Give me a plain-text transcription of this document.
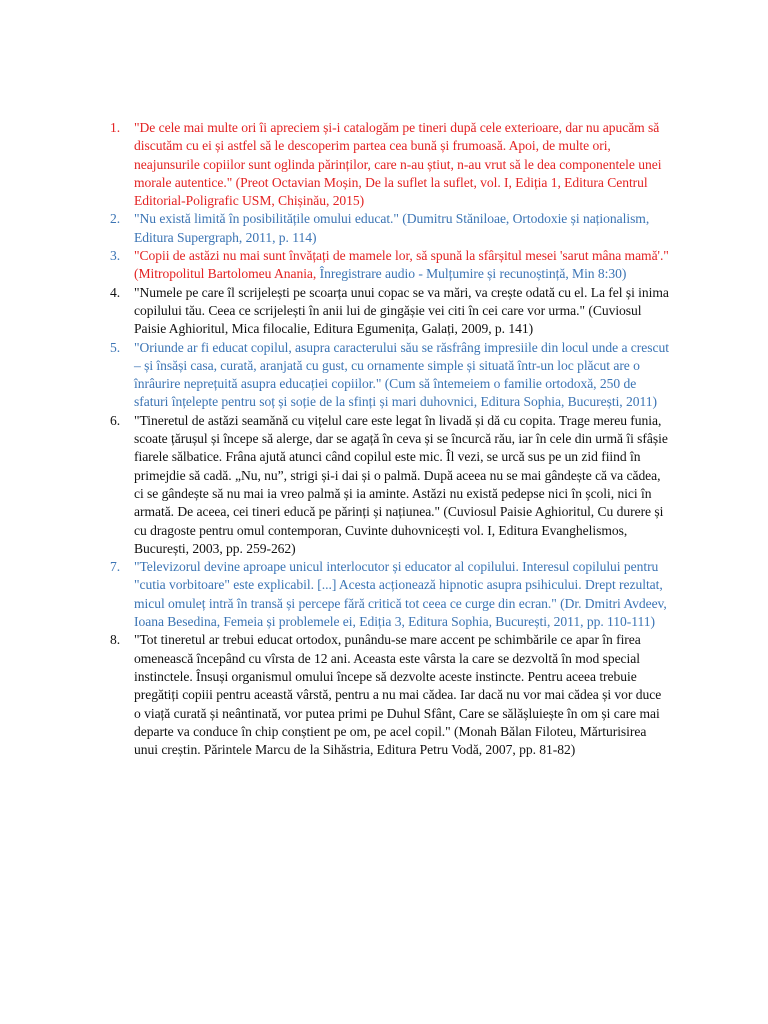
1. "De cele mai multe ori îi apreciem și-i catalogăm pe tineri după cele exterioare, dar nu apucăm să discutăm cu ei și astfel să le descoperim partea cea bună și frumoasă. Apoi, de multe ori, neajunsurile copiilor sunt oglinda părinților, care n-au știut, n-au vrut să le dea componentele unei morale autentice." (Preot Octavian Moșin, De la suflet la suflet, vol. I, Ediția 1, Editura Centrul Editorial-Poligrafic USM, Chișinău, 2015)
2. "Nu există limită în posibilitățile omului educat." (Dumitru Stăniloae, Ortodoxie și naționalism, Editura Supergraph, 2011, p. 114)
3. "Copii de astăzi nu mai sunt învățați de mamele lor, să spună la sfârșitul mesei 'sarut mâna mamă'." (Mitropolitul Bartolomeu Anania, Înregistrare audio - Mulțumire și recunoștință, Min 8:30)
4. "Numele pe care îl scrijelești pe scoarța unui copac se va mări, va crește odată cu el. La fel și inima copilului tău. Ceea ce scrijelești în anii lui de gingășie vei citi în cei care vor urma." (Cuviosul Paisie Aghioritul, Mica filocalie, Editura Egumenița, Galați, 2009, p. 141)
5. "Oriunde ar fi educat copilul, asupra caracterului său se răsfrâng impresiile din locul unde a crescut – și însăși casa, curată, aranjată cu gust, cu ornamente simple și situată într-un loc plăcut are o înrâurire neprețuită asupra educației copiilor." (Cum să întemeiem o familie ortodoxă, 250 de sfaturi înțelepte pentru soț și soție de la sfinți și mari duhovnici, Editura Sophia, București, 2011)
6. "Tineretul de astăzi seamănă cu vițelul care este legat în livadă și dă cu copita. Trage mereu funia, scoate țărușul și începe să alerge, dar se agață în ceva și se încurcă rău, iar în cele din urmă îi sfâșie fiarele sălbatice. Frâna ajută atunci când copilul este mic. Îl vezi, se urcă sus pe un zid fiind în primejdie să cadă. „Nu, nu”, strigi și-i dai și o palmă. După aceea nu se mai gândește că va cădea, ci se gândește să nu mai ia vreo palmă și ia aminte. Astăzi nu există pedepse nici în școli, nici în armată. De aceea, cei tineri educă pe părinți și națiunea." (Cuviosul Paisie Aghioritul, Cu durere și cu dragoste pentru omul contemporan, Cuvinte duhovnicești vol. I, Editura Evanghelismos, București, 2003, pp. 259-262)
7. "Televizorul devine aproape unicul interlocutor și educator al copilului. Interesul copilului pentru "cutia vorbitoare" este explicabil. [...] Acesta acționează hipnotic asupra psihicului. Drept rezultat, micul omuleț intră în transă și percepe fără critică tot ceea ce curge din ecran." (Dr. Dmitri Avdeev, Ioana Besedina, Femeia și problemele ei, Ediția 3, Editura Sophia, București, 2011, pp. 110-111)
8. "Tot tineretul ar trebui educat ortodox, punându-se mare accent pe schimbările ce apar în firea omenească începând cu vîrsta de 12 ani. Aceasta este vârsta la care se dezvoltă în mod special instinctele. Însuși organismul omului începe să dezvolte aceste instincte. Pentru aceea trebuie pregătiți copiii pentru această vârstă, pentru a nu mai cădea. Iar dacă nu vor mai cădea și vor duce o viață curată și neântinată, vor putea primi pe Duhul Sfânt, Care se sălășluiește în om și care mai departe va conduce în chip conștient pe om, pe acel copil." (Monah Bălan Filoteu, Mărturisirea unui creștin. Părintele Marcu de la Sihăstria, Editura Petru Vodă, 2007, pp. 81-82)
